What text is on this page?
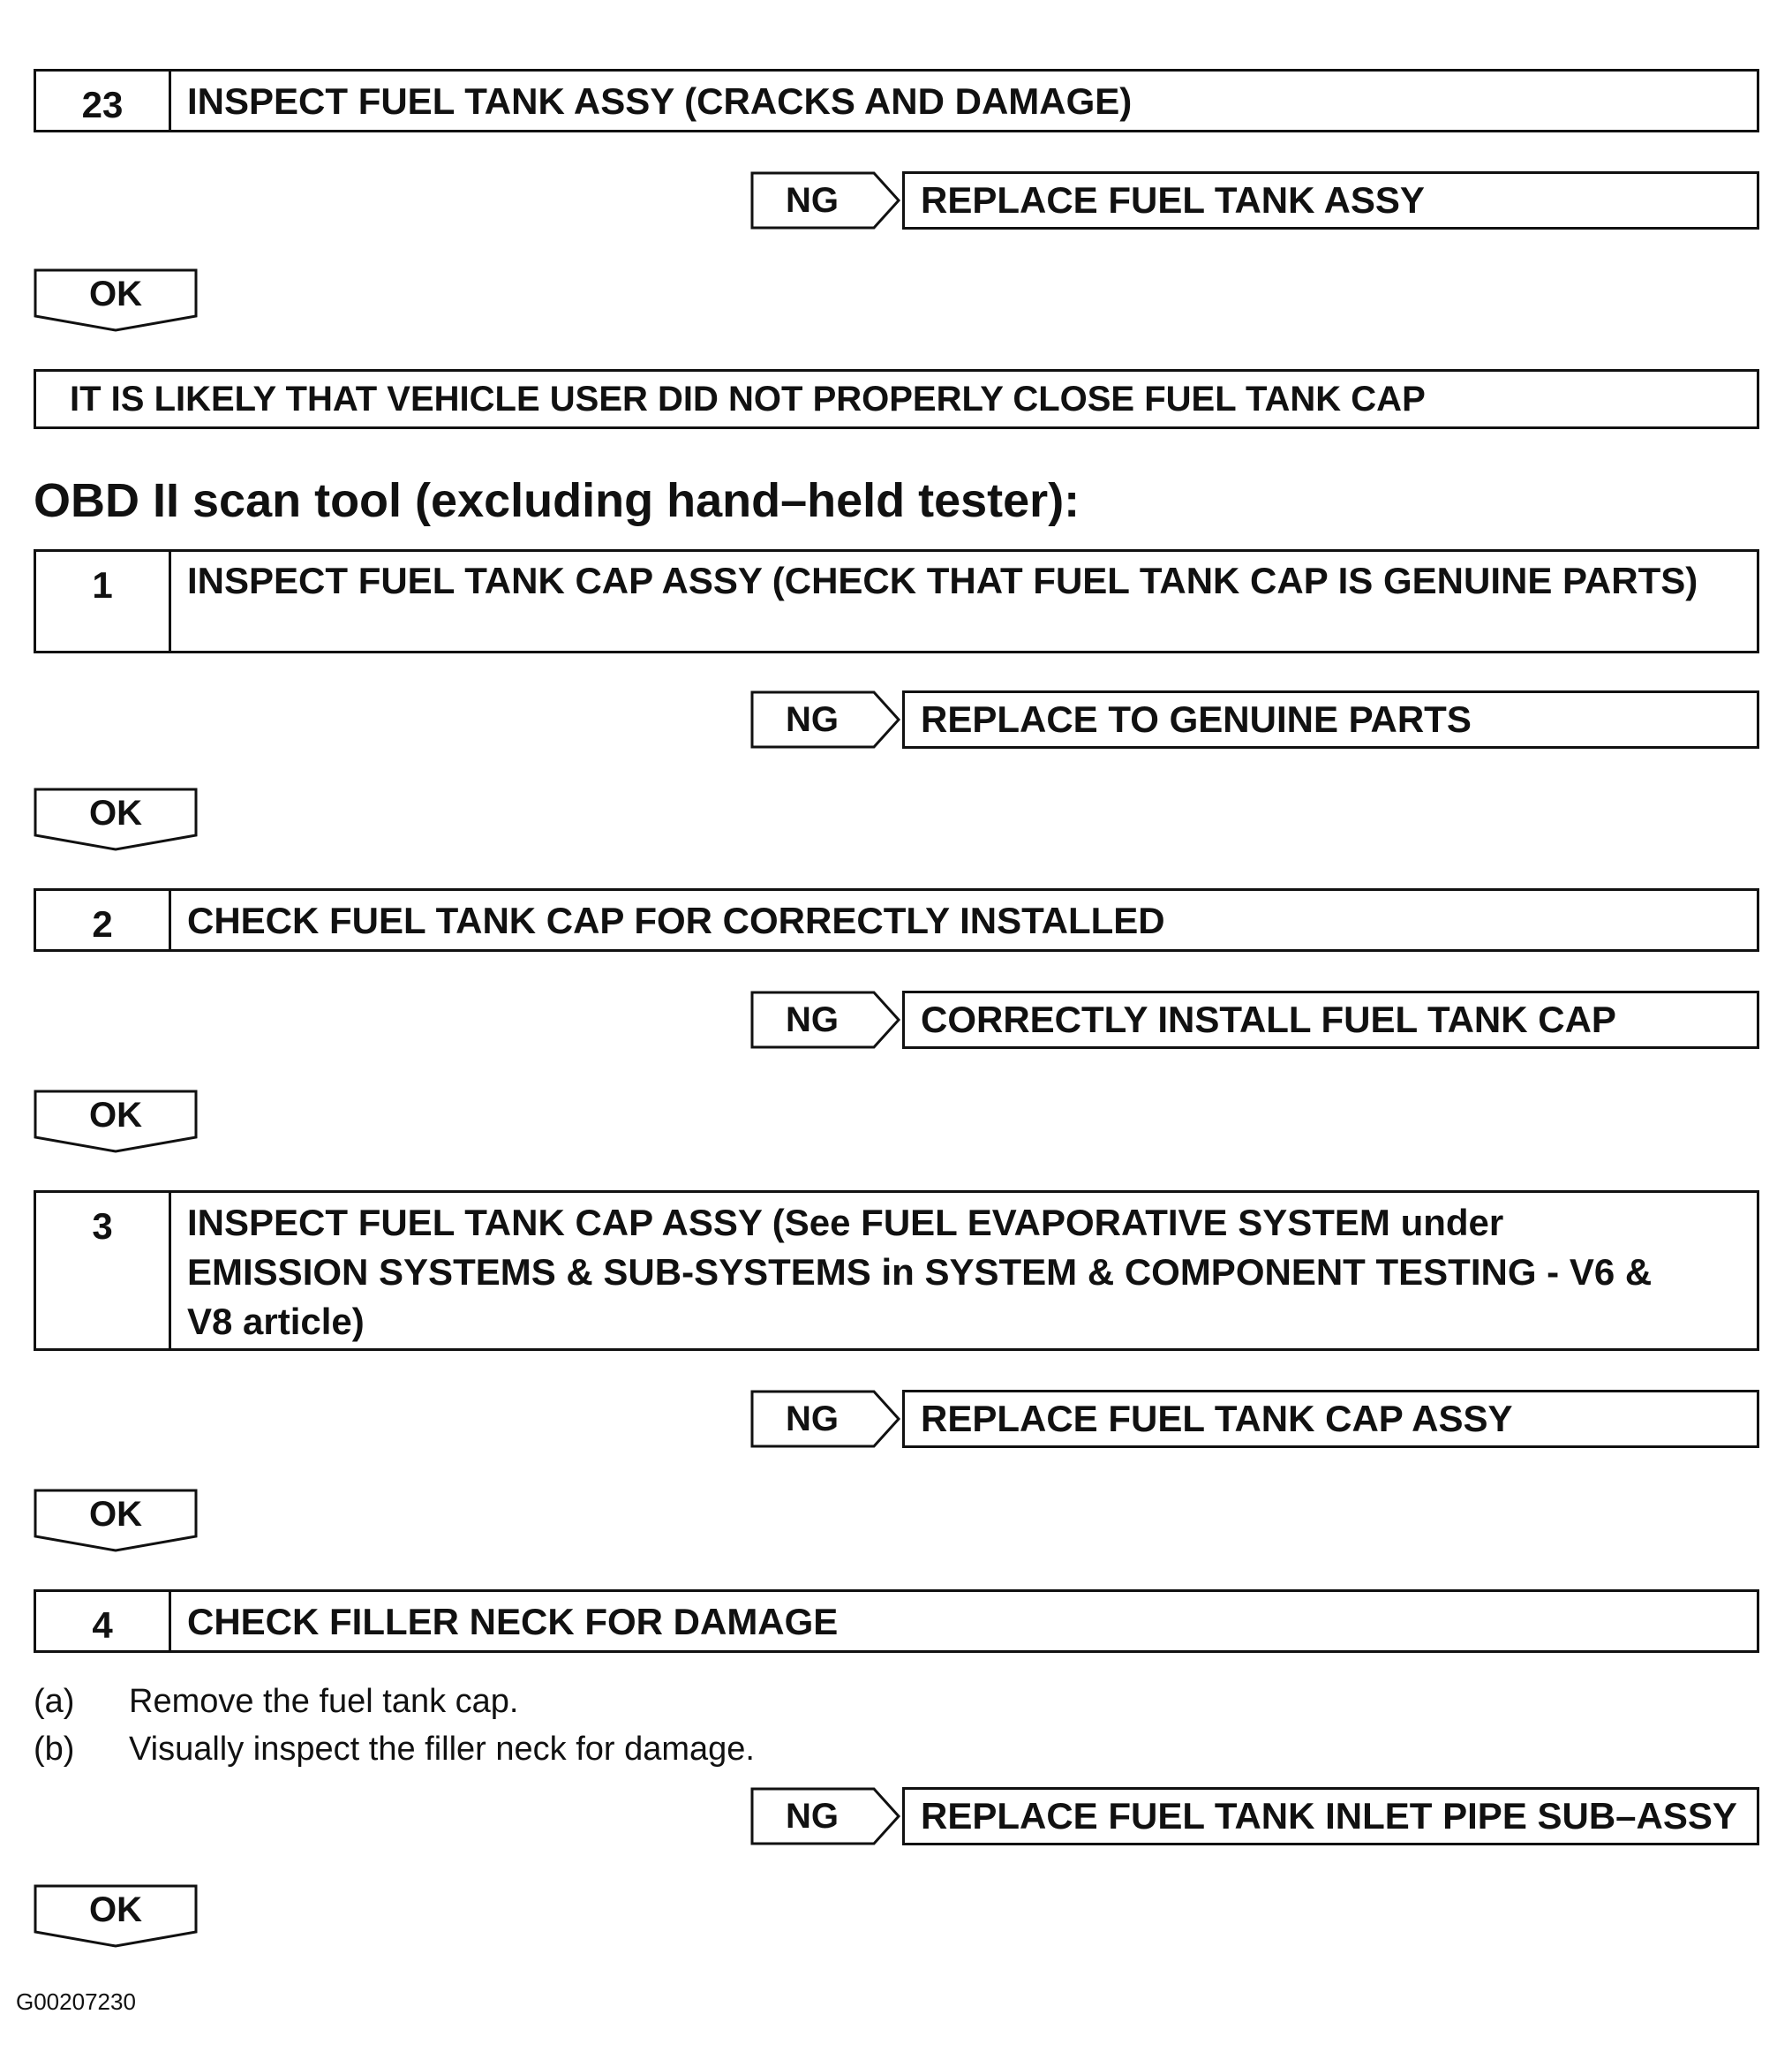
23	INSPECT FUEL TANK ASSY (CRACKS AND DAMAGE)
NG	REPLACE FUEL TANK ASSY
OK
IT IS LIKELY THAT VEHICLE USER DID NOT PROPERLY CLOSE FUEL TANK CAP
OBD II scan tool (excluding hand–held tester):
1	INSPECT FUEL TANK CAP ASSY (CHECK THAT FUEL TANK CAP IS GENUINE PARTS)
NG	REPLACE TO GENUINE PARTS
OK
2	CHECK FUEL TANK CAP FOR CORRECTLY INSTALLED
NG	CORRECTLY INSTALL FUEL TANK CAP
OK
3	INSPECT FUEL TANK CAP ASSY (See FUEL EVAPORATIVE SYSTEM under EMISSION SYSTEMS & SUB-SYSTEMS in SYSTEM & COMPONENT TESTING - V6 & V8 article)
NG	REPLACE FUEL TANK CAP ASSY
OK
4	CHECK FILLER NECK FOR DAMAGE
(a) Remove the fuel tank cap.
(b) Visually inspect the filler neck for damage.
NG	REPLACE FUEL TANK INLET PIPE SUB–ASSY
OK
G00207230
